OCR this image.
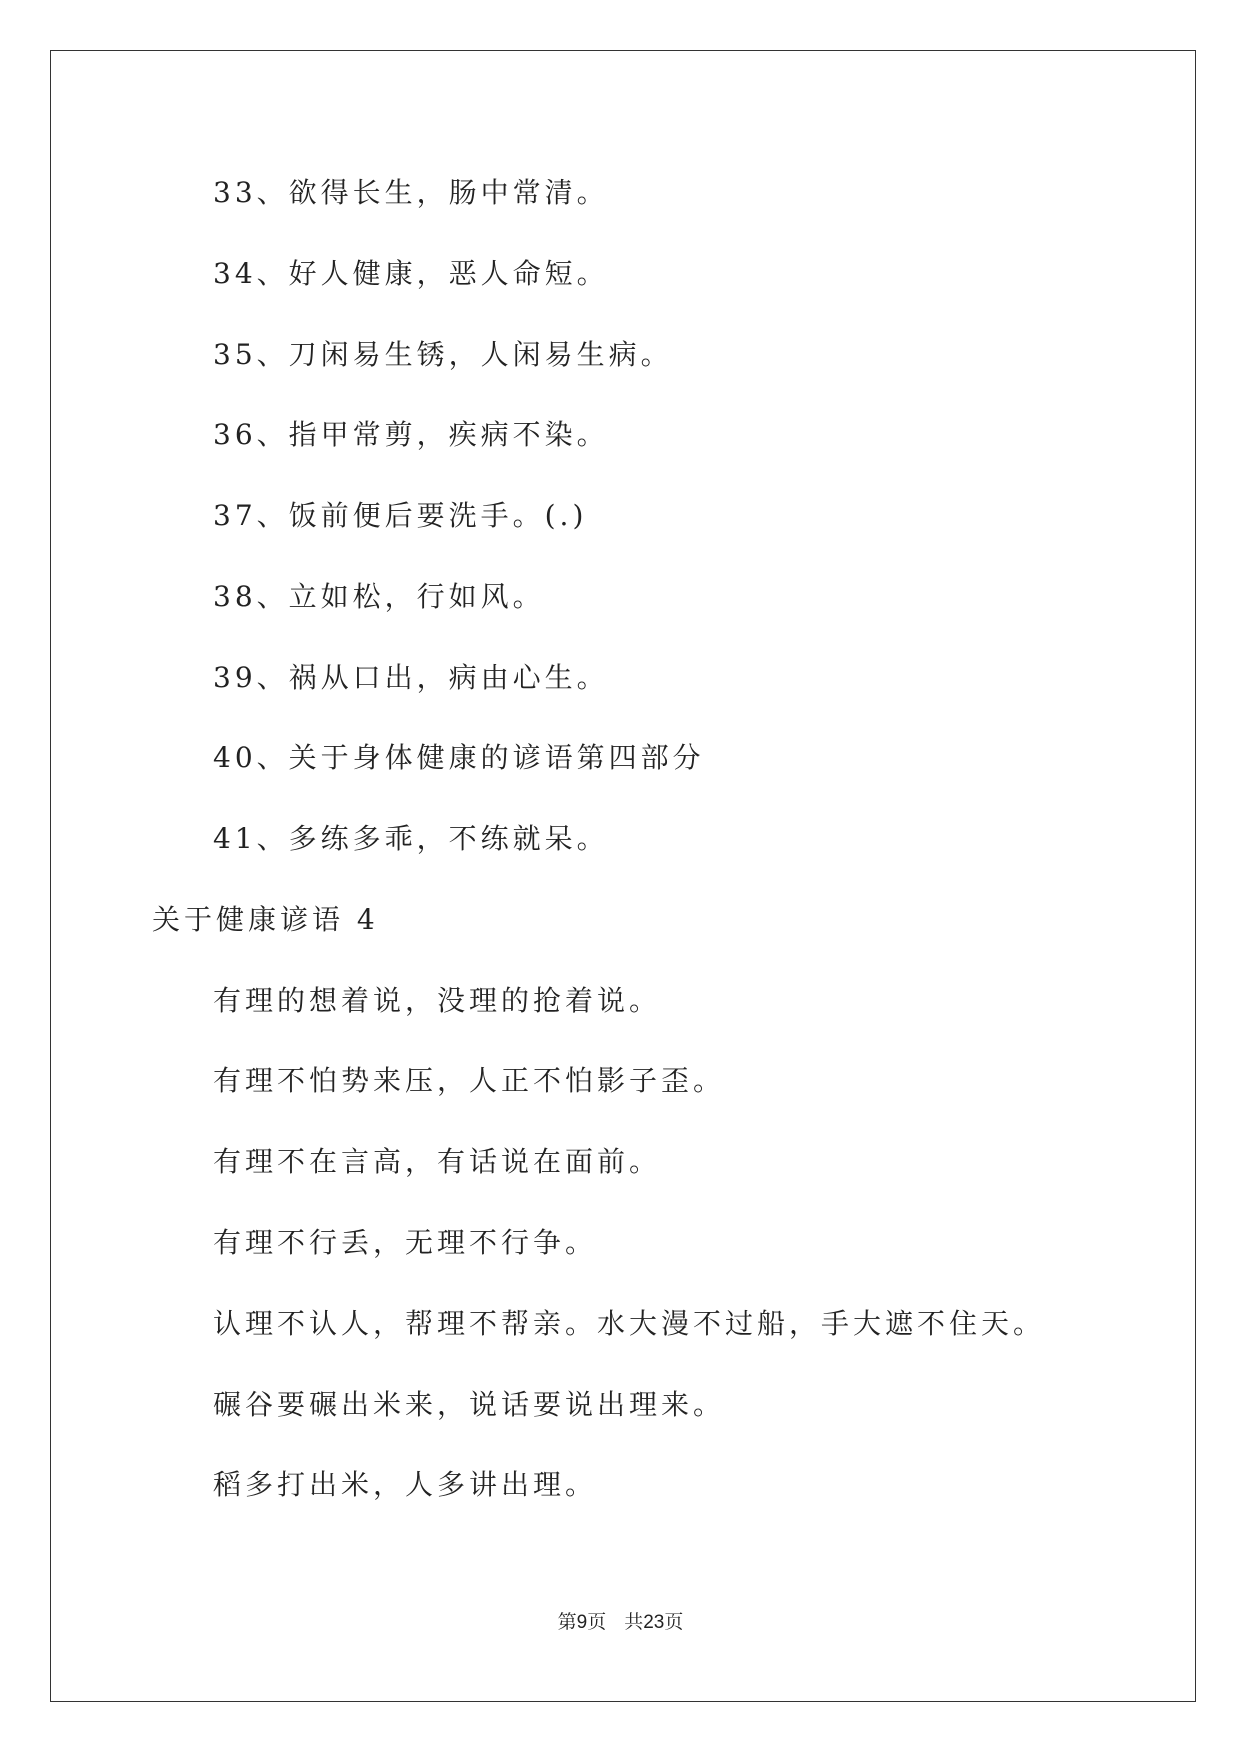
33、欲得长生，肠中常清。
34、好人健康，恶人命短。
35、刀闲易生锈，人闲易生病。
36、指甲常剪，疾病不染。
37、饭前便后要洗手。(.)
38、立如松，行如风。
39、祸从口出，病由心生。
40、关于身体健康的谚语第四部分
41、多练多乖，不练就呆。
关于健康谚语 4
有理的想着说，没理的抢着说。
有理不怕势来压，人正不怕影子歪。
有理不在言高，有话说在面前。
有理不行丢，无理不行争。
认理不认人，帮理不帮亲。水大漫不过船，手大遮不住天。
碾谷要碾出米来，说话要说出理来。
稻多打出米，人多讲出理。
第9页 共23页
